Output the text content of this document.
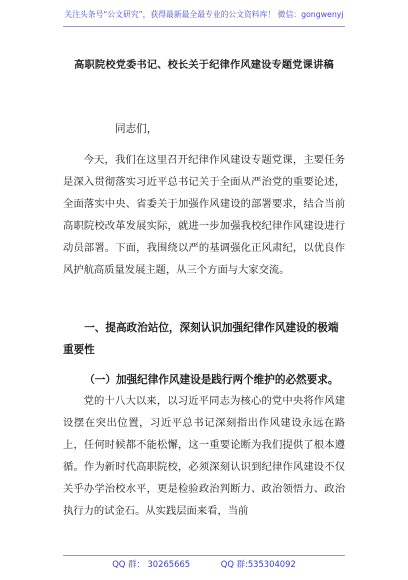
关注头条号“公文研究”，获得最新最全最专业的公文资料库！ 微信：gongwenyj
高职院校党委书记、校长关于纪律作风建设专题党课讲稿

同志们，

今天，我们在这里召开纪律作风建设专题党课，主要任务是深入贯彻落实习近平总书记关于全面从严治党的重要论述，全面落实中央、省委关于加强作风建设的部署要求，结合当前高职院校改革发展实际，就进一步加强我校纪律作风建设进行动员部署。下面，我围绕以严的基调强化正风肃纪，以优良作风护航高质量发展主题，从三个方面与大家交流。

一、提高政治站位，深刻认识加强纪律作风建设的极端重要性
（一）加强纪律作风建设是践行两个维护的必然要求。

党的十八大以来，以习近平同志为核心的党中央将作风建设摆在突出位置，习近平总书记深刻指出作风建设永远在路上，任何时候都不能松懈，这一重要论断为我们提供了根本遵循。作为新时代高职院校，必须深刻认识到纪律作风建设不仅关乎办学治校水平，更是检验政治判断力、政治领悟力、政治执行力的试金石。从实践层面来看，当前

QQ 群： 30265665	QQ 群:535304092
